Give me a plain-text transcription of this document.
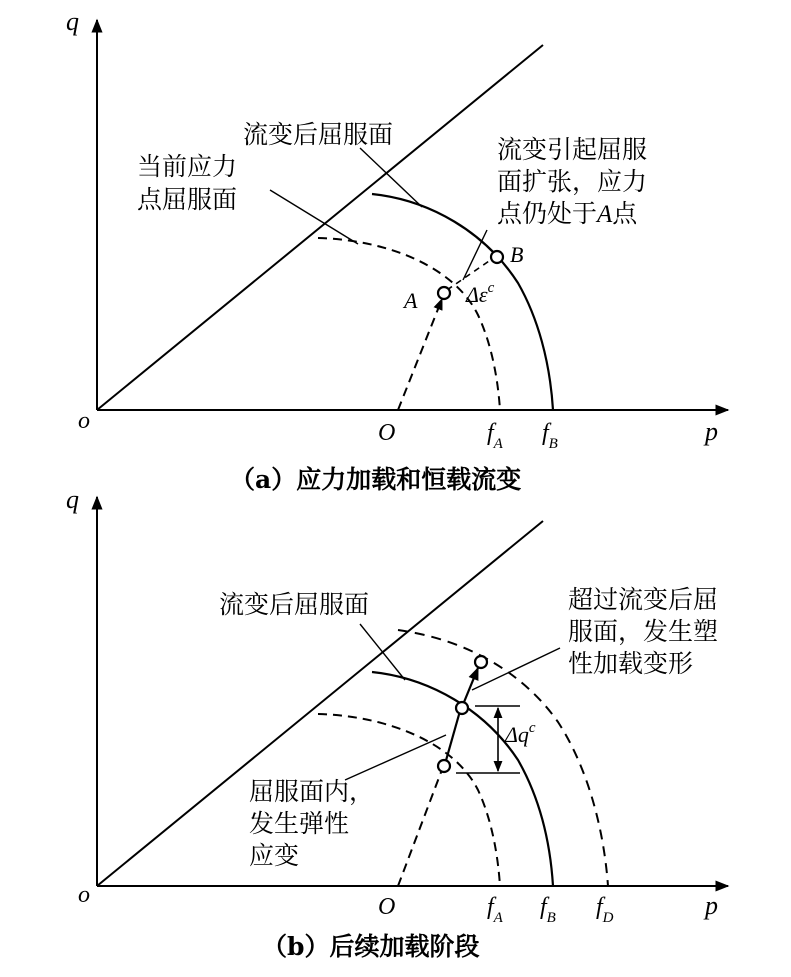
q
p
o	O	$f_A$ $f_B$
A
B
$\Delta\varepsilon^c$
流变后屈服面
当前应力
点屈服面
流变引起屈服
面扩张，应力
点仍处于A点
（a）应力加载和恒载流变
$\Delta q^c$
q
p
o	O	$f_A$ $f_B$ $f_D$
流变后屈服面	超过流变后屈
服面，发生塑
性加载变形
屈服面内，
发生弹性
应变
（b）后续加载阶段
